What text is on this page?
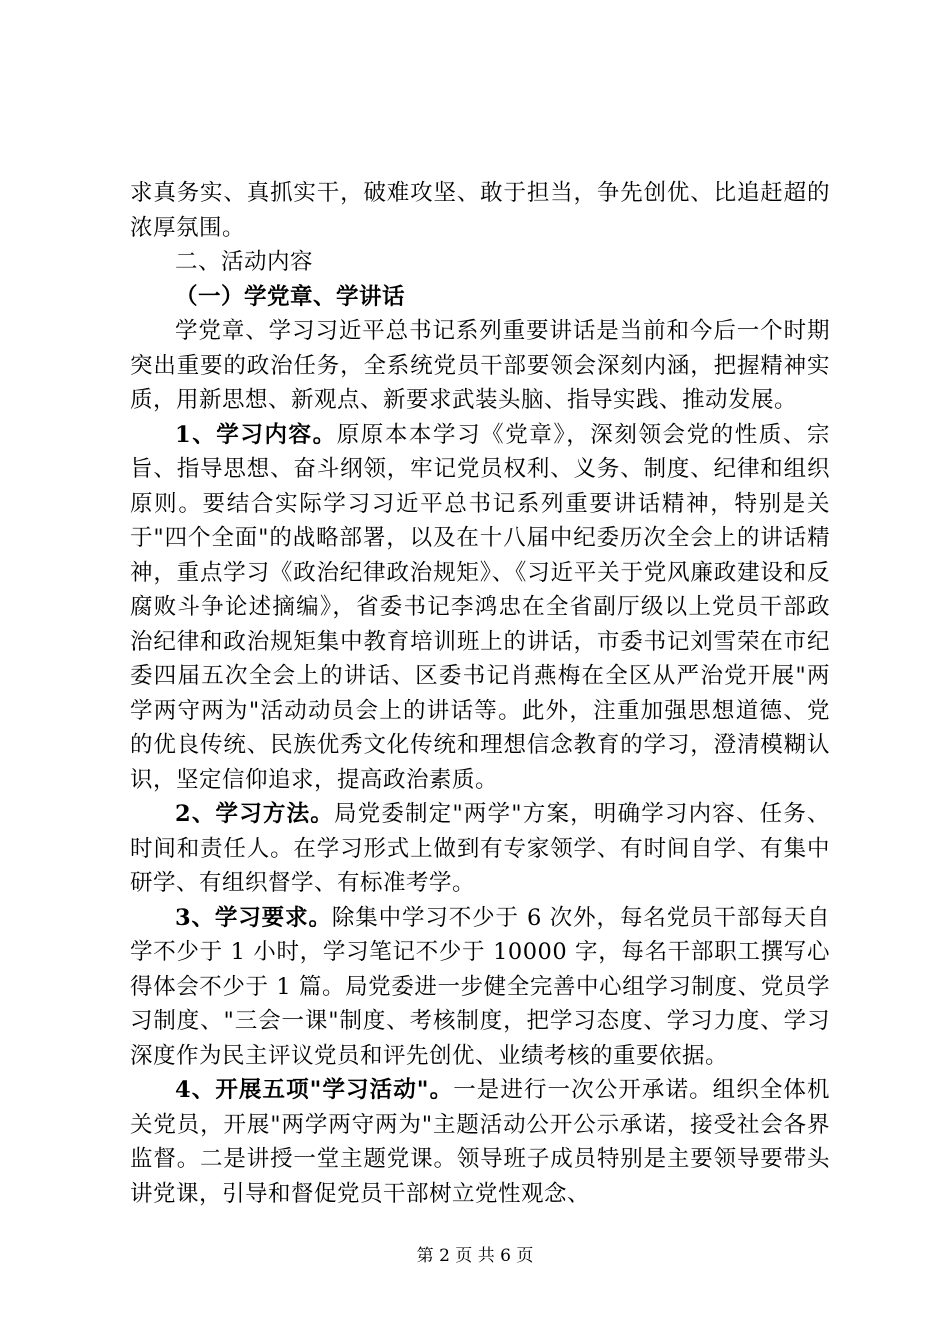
求真务实、真抓实干，破难攻坚、敢于担当，争先创优、比追赶超的浓厚氛围。

二、活动内容

（一）学党章、学讲话

学党章、学习习近平总书记系列重要讲话是当前和今后一个时期突出重要的政治任务，全系统党员干部要领会深刻内涵，把握精神实质，用新思想、新观点、新要求武装头脑、指导实践、推动发展。

1、学习内容。原原本本学习《党章》，深刻领会党的性质、宗旨、指导思想、奋斗纲领，牢记党员权利、义务、制度、纪律和组织原则。要结合实际学习习近平总书记系列重要讲话精神，特别是关于"四个全面"的战略部署，以及在十八届中纪委历次全会上的讲话精神，重点学习《政治纪律政治规矩》、《习近平关于党风廉政建设和反腐败斗争论述摘编》，省委书记李鸿忠在全省副厅级以上党员干部政治纪律和政治规矩集中教育培训班上的讲话，市委书记刘雪荣在市纪委四届五次全会上的讲话、区委书记肖燕梅在全区从严治党开展"两学两守两为"活动动员会上的讲话等。此外，注重加强思想道德、党的优良传统、民族优秀文化传统和理想信念教育的学习，澄清模糊认识，坚定信仰追求，提高政治素质。

2、学习方法。局党委制定"两学"方案，明确学习内容、任务、时间和责任人。在学习形式上做到有专家领学、有时间自学、有集中研学、有组织督学、有标准考学。

3、学习要求。除集中学习不少于 6 次外，每名党员干部每天自学不少于 1 小时，学习笔记不少于 10000 字，每名干部职工撰写心得体会不少于 1 篇。局党委进一步健全完善中心组学习制度、党员学习制度、"三会一课"制度、考核制度，把学习态度、学习力度、学习深度作为民主评议党员和评先创优、业绩考核的重要依据。

4、开展五项"学习活动"。一是进行一次公开承诺。组织全体机关党员，开展"两学两守两为"主题活动公开公示承诺，接受社会各界监督。二是讲授一堂主题党课。领导班子成员特别是主要领导要带头讲党课，引导和督促党员干部树立党性观念、

第 2 页 共 6 页
